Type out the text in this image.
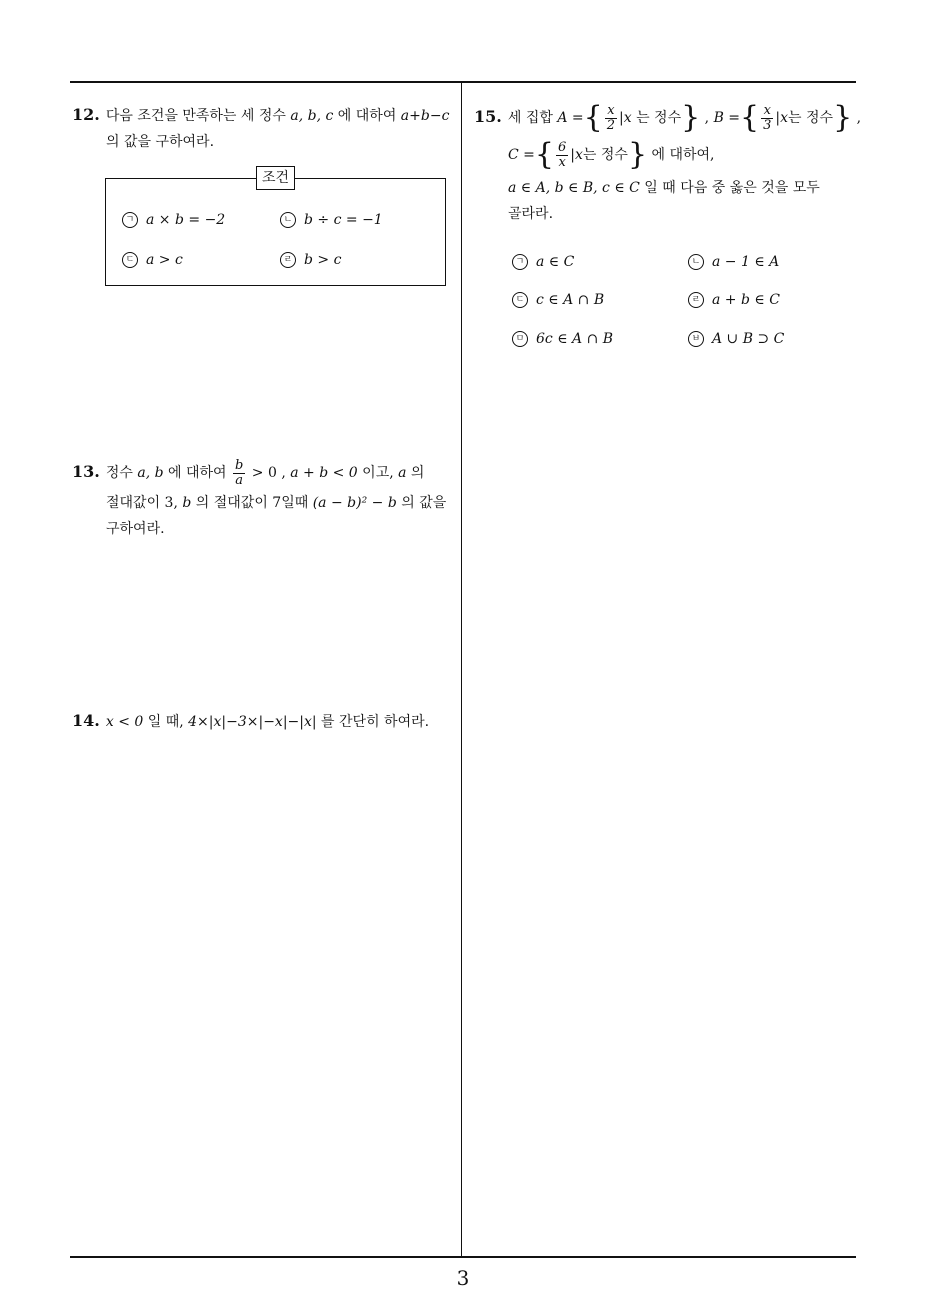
12. 다음 조건을 만족하는 세 정수 a, b, c 에 대하여 a+b−c
의 값을 구하여라.
조건
ㄱ a × b = −2	ㄴ b ÷ c = −1
ㄷ a > c	ㄹ b > c
13. 정수 a, b 에 대하여 $\frac{b}{a} > 0$ , a + b < 0 이고, a 의
절대값이 3, b 의 절대값이 7일때 (a − b)² − b 의 값을
구하여라.
14. x < 0 일 때, 4×|x|−3×|−x|−|x| 를 간단히 하여라.
15. 세 집합 A ={ $\frac{x}{2} |x$ 는 정수} , B ={ $\frac{x}{3} |x$는 정수} ,
C ={ $\frac{6}{x} |x$는 정수} 에 대하여,
a ∈ A, b ∈ B, c ∈ C 일 때 다음 중 옳은 것을 모두
골라라.
ㄱ a ∈ C	ㄴ a − 1 ∈ A
ㄷ c ∈ A ∩ B	ㄹ a + b ∈ C
ㅁ 6c ∈ A ∩ B	ㅂ A ∪ B ⊃ C
3
